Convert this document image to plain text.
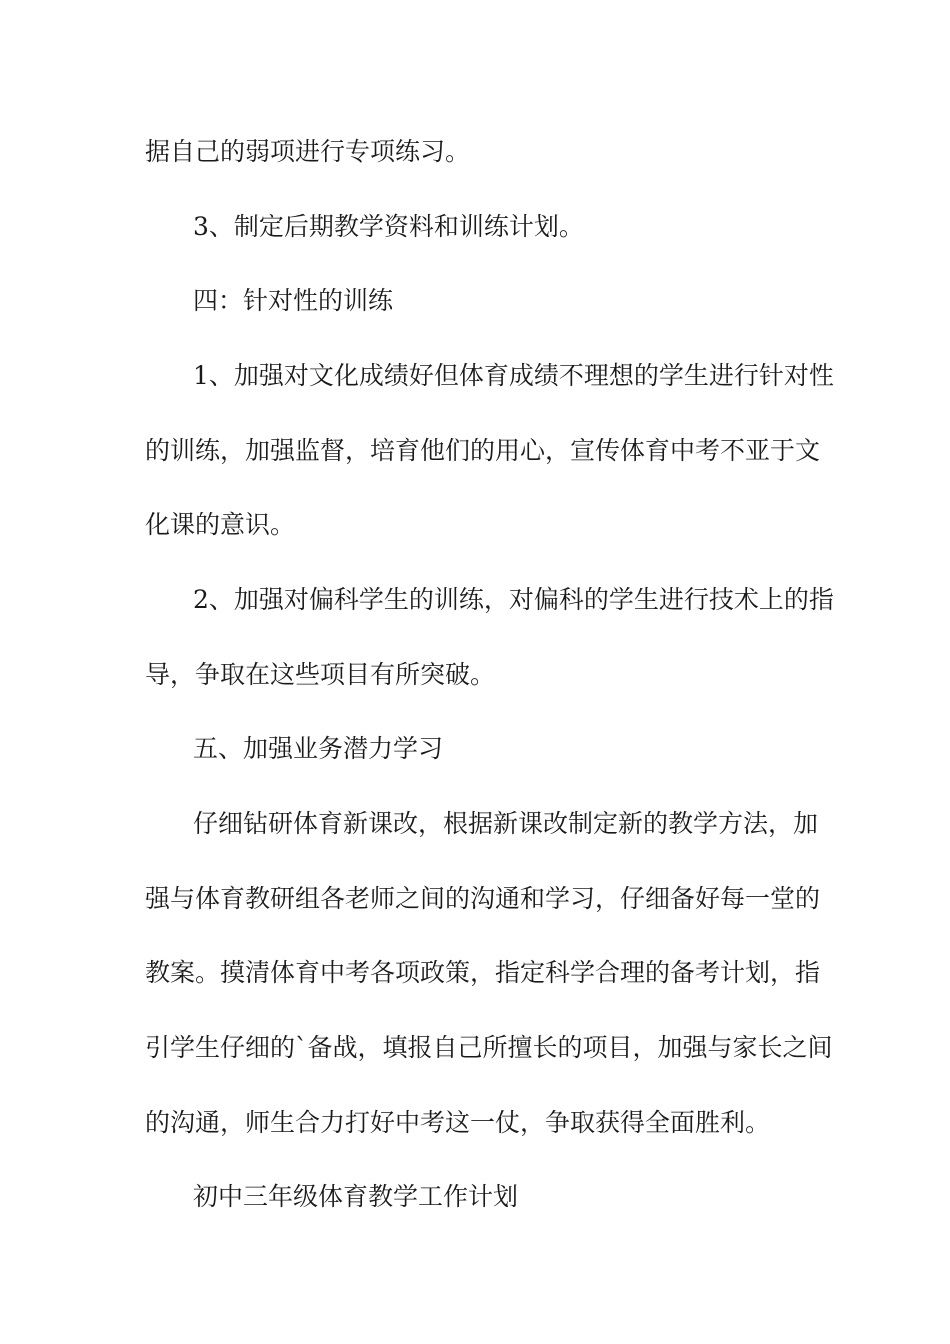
据自己的弱项进行专项练习。
3、制定后期教学资料和训练计划。
四：针对性的训练
1、加强对文化成绩好但体育成绩不理想的学生进行针对性
的训练，加强监督，培育他们的用心，宣传体育中考不亚于文
化课的意识。
2、加强对偏科学生的训练，对偏科的学生进行技术上的指
导，争取在这些项目有所突破。
五、加强业务潜力学习
仔细钻研体育新课改，根据新课改制定新的教学方法，加
强与体育教研组各老师之间的沟通和学习，仔细备好每一堂的
教案。摸清体育中考各项政策，指定科学合理的备考计划，指
引学生仔细的`备战，填报自己所擅长的项目，加强与家长之间
的沟通，师生合力打好中考这一仗，争取获得全面胜利。
初中三年级体育教学工作计划
